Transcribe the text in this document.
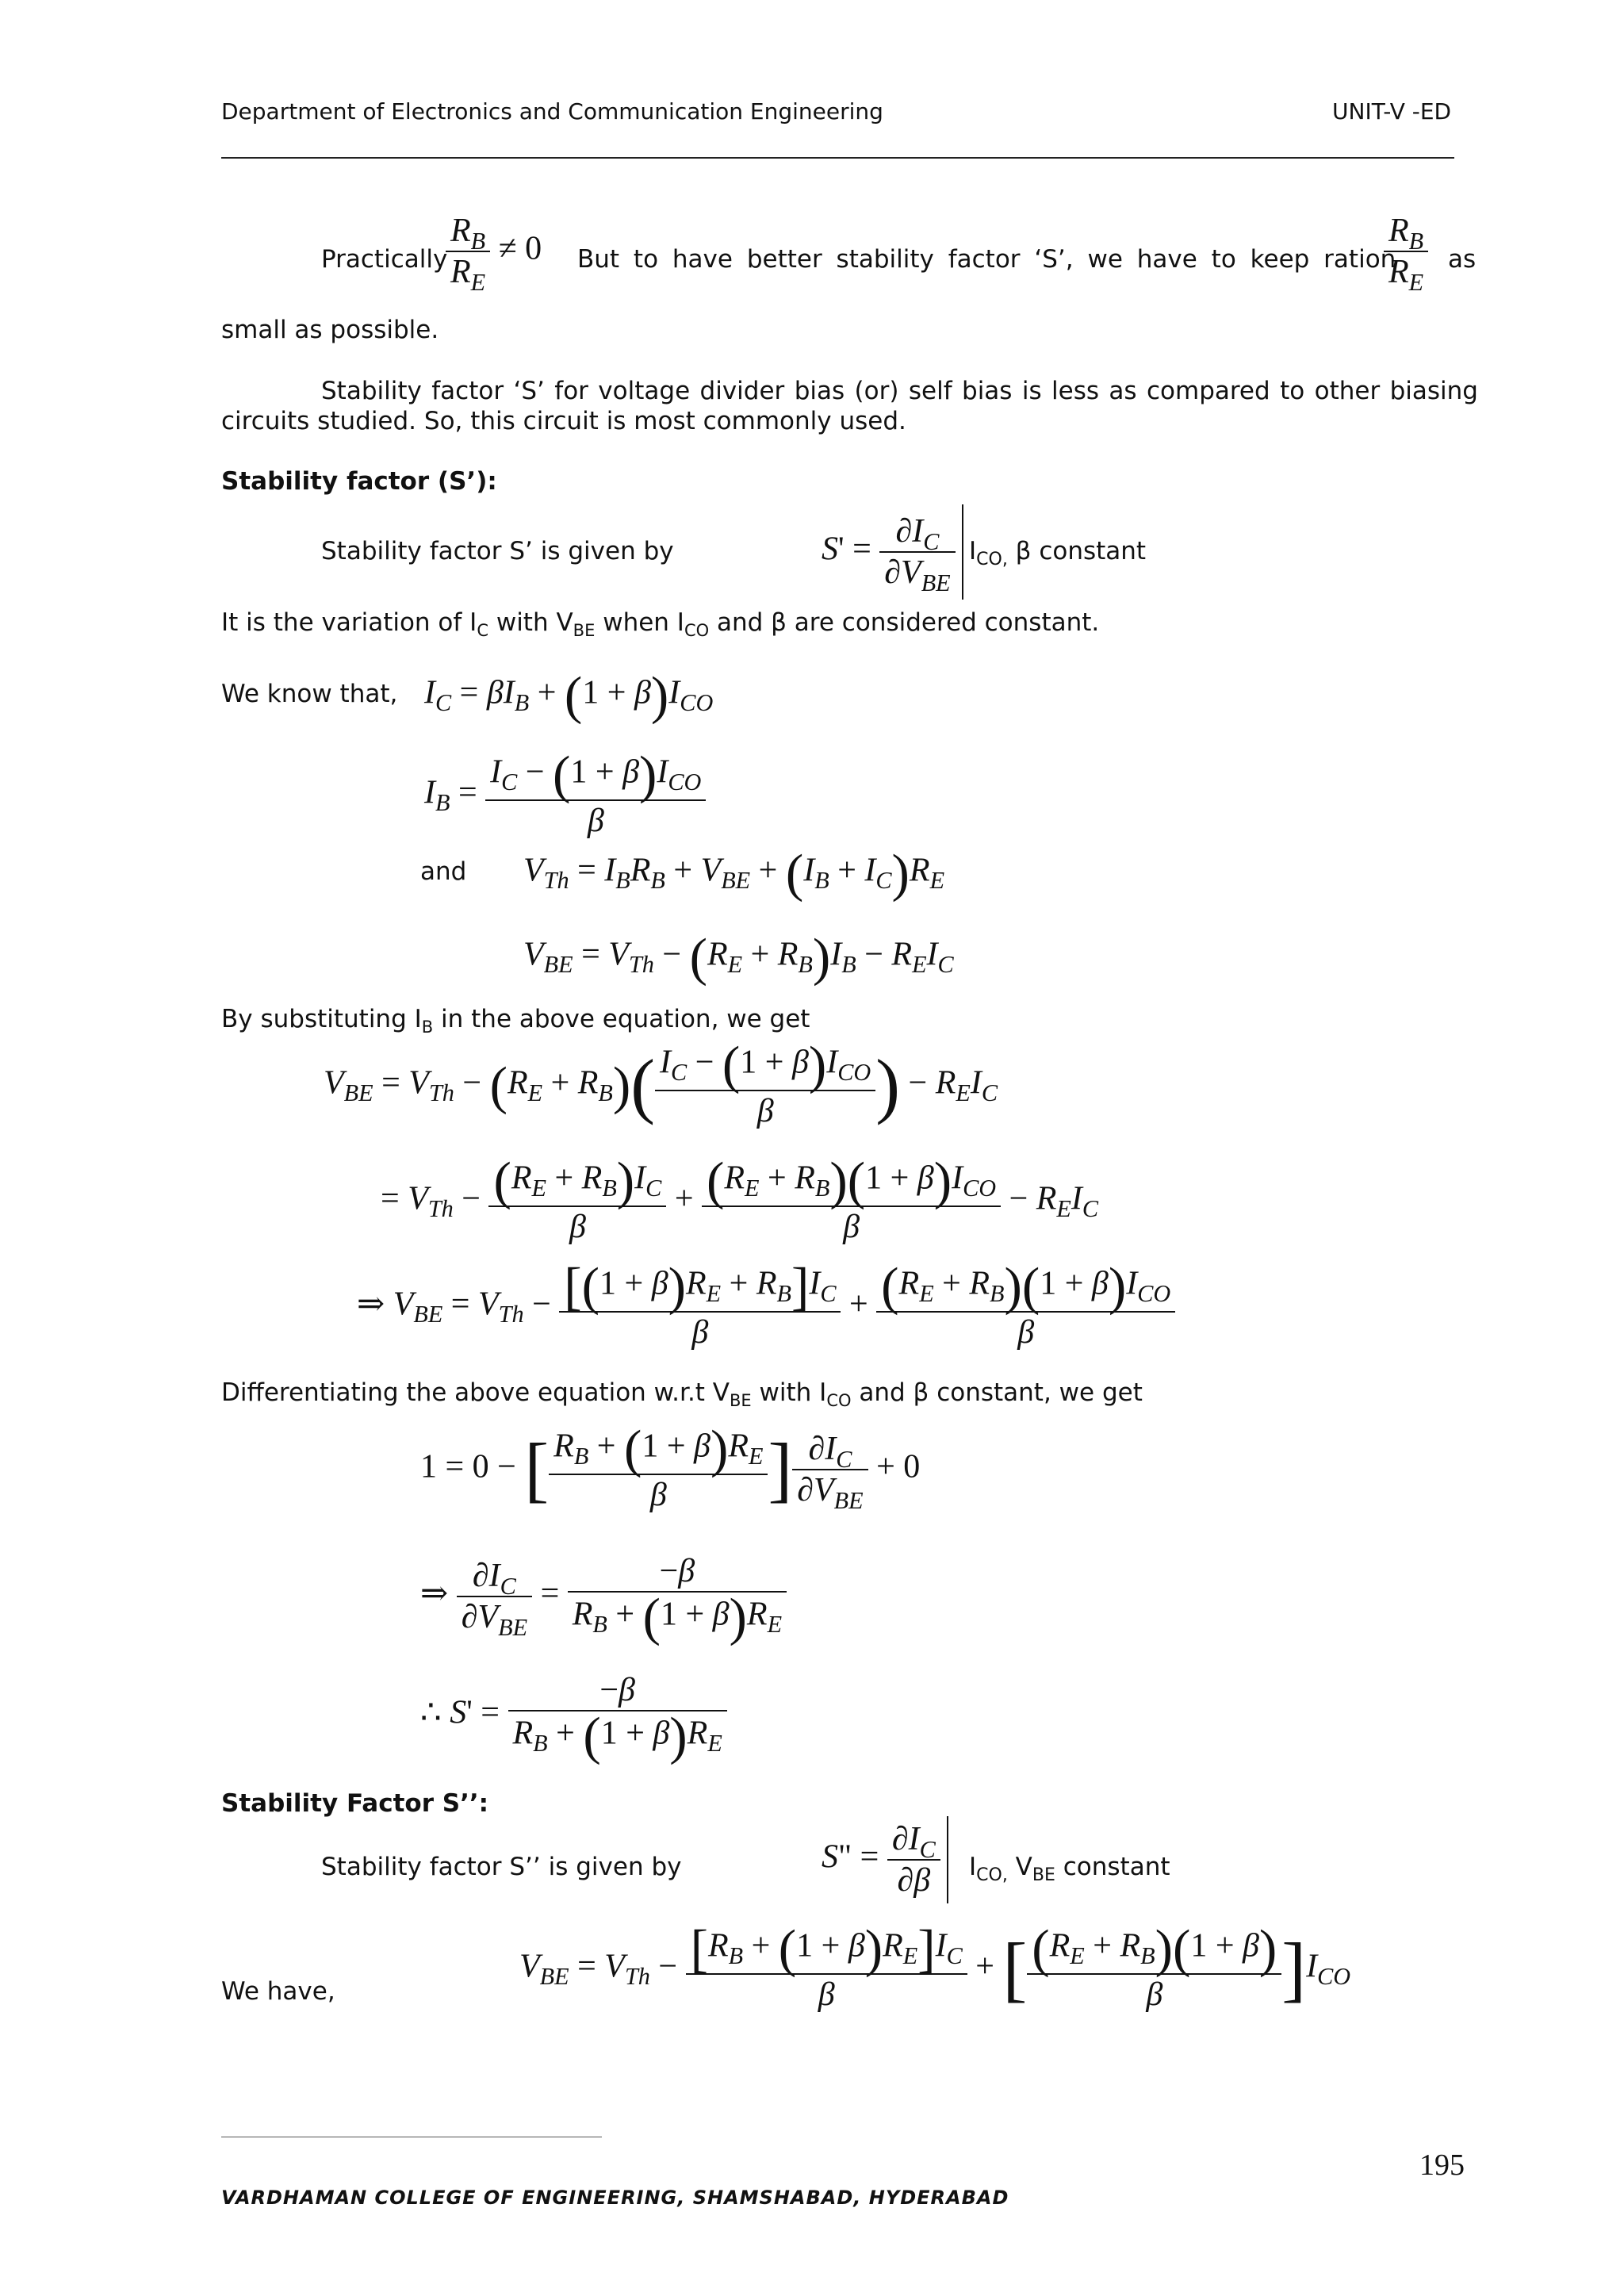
Department of Electronics and Communication Engineering	UNIT-V -ED
Practically
$\frac{R_B}{R_E} \ne 0$ But to have better stability factor ‘S’, we have to keep ration
$\frac{R_B}{R_E}$ as
small as possible.
Stability factor ‘S’ for voltage divider bias (or) self bias is less as compared to other biasing circuits studied. So, this circuit is most commonly used.
Stability factor (S’):
Stability factor S’ is given by	$S' = \frac{\partial I_C}{\partial V_{BE}} I_{CO,}$ β constant
It is the variation of $I_C$ with $V_{BE}$ when $I_{CO}$ and β are considered constant.
We know that, $I_C = \beta I_B + (1 + \beta)I_{CO}$
$I_B = \frac{I_C - (1 + \beta)I_{CO}}{\beta}$
and $V_{Th} = I_BR_B + V_{BE} + (I_B + I_C)R_E$
$V_{BE} = V_{Th} - (R_E + R_B)I_B - R_EI_C$
By substituting $I_B$ in the above equation, we get
$V_{BE} = V_{Th} - (R_E + R_B)( \frac{I_C - (1 + \beta)I_{CO}}{\beta}$ ) − $R_EI_C$
= $V_{Th} - \frac{(R_E + R_B)I_C}{\beta} + \frac{(R_E + R_B)(1 + \beta)I_{CO}}{\beta} - R_EI_C$
⇒ $V_{BE} = V_{Th} - \frac{[(1 + \beta)R_E + R_B]I_C}{\beta} + \frac{(R_E + R_B)(1 + \beta)I_{CO}}{\beta}$
Differentiating the above equation w.r.t $V_{BE}$ with $I_{CO}$ and β constant, we get
1 = 0 − [ $\frac{R_B + (1 + \beta)R_E}{\beta}$ ] $\frac{\partial I_C}{\partial V_{BE}} + 0$
⇒ $\frac{\partial I_C}{\partial V_{BE}} = \frac{-\beta}{R_B + (1 + \beta)R_E}$
∴ $S' = \frac{-\beta}{R_B + (1 + \beta)R_E}$
Stability Factor S’’:
Stability factor S’’ is given by	S" = $\frac{\partial I_C}{\partial\beta} I_{CO,}$ $V_{BE}$ constant
We have,
$V_{BE} = V_{Th} - \frac{[R_B + (1 + \beta)R_E]I_C}{\beta}$ + [ $\frac{(R_E + R_B)(1 + \beta)}{\beta} ]I_{CO}$
195
VARDHAMAN COLLEGE OF ENGINEERING, SHAMSHABAD, HYDERABAD
